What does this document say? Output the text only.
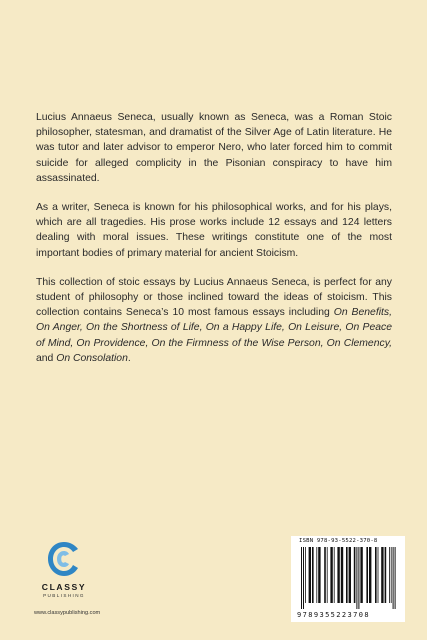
Lucius Annaeus Seneca, usually known as Seneca, was a Roman Stoic philosopher, statesman, and dramatist of the Silver Age of Latin literature. He was tutor and later advisor to emperor Nero, who later forced him to commit suicide for alleged complicity in the Pisonian conspiracy to have him assassinated.

As a writer, Seneca is known for his philosophical works, and for his plays, which are all tragedies. His prose works include 12 essays and 124 letters dealing with moral issues. These writings constitute one of the most important bodies of primary material for ancient Stoicism.

This collection of stoic essays by Lucius Annaeus Seneca, is perfect for any student of philosophy or those inclined toward the ideas of stoicism. This collection contains Seneca’s 10 most famous essays including On Benefits, On Anger, On the Shortness of Life, On a Happy Life, On Leisure, On Peace of Mind, On Providence, On the Firmness of the Wise Person, On Clemency, and On Consolation.

CLASSY
PUBLISHING
www.classypublishing.com
ISBN 978-93-5522-370-8
9789355223708
